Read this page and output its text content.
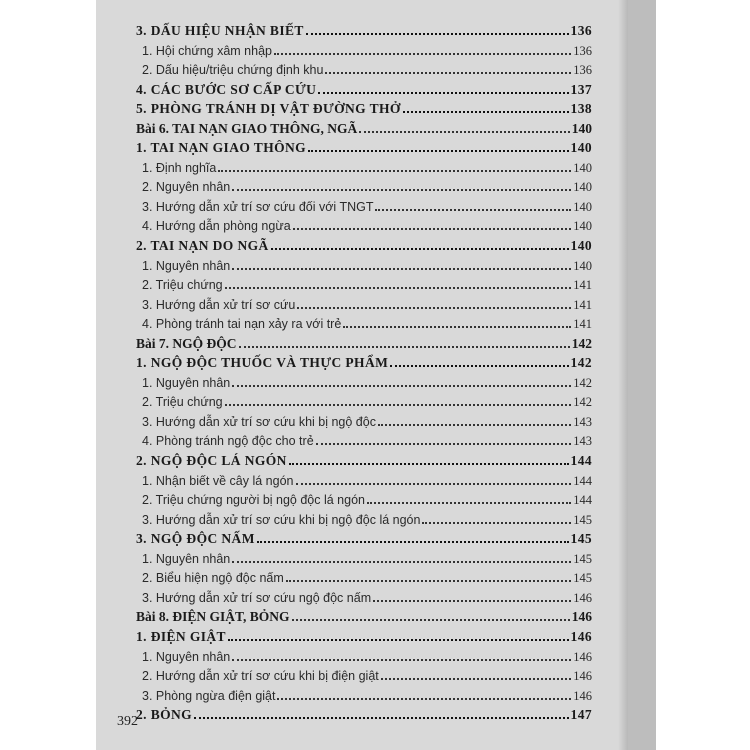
3. DẤU HIỆU NHẬN BIẾT	136
1. Hội chứng xâm nhập	136
2. Dấu hiệu/triệu chứng định khu	136
4. CÁC BƯỚC SƠ CẤP CỨU	137
5. PHÒNG TRÁNH DỊ VẬT ĐƯỜNG THỞ	138
Bài 6. TAI NẠN GIAO THÔNG, NGÃ	140
1. TAI NẠN GIAO THÔNG	140
1. Định nghĩa	140
2. Nguyên nhân	140
3. Hướng dẫn xử trí sơ cứu đối với TNGT	140
4. Hướng dẫn phòng ngừa	140
2. TAI NẠN DO NGÃ	140
1. Nguyên nhân	140
2. Triệu chứng	141
3. Hướng dẫn xử trí sơ cứu	141
4. Phòng tránh tai nạn xảy ra với trẻ	141
Bài 7. NGỘ ĐỘC	142
1. NGỘ ĐỘC THUỐC VÀ THỰC PHẨM	142
1. Nguyên nhân	142
2. Triệu chứng	142
3. Hướng dẫn xử trí sơ cứu khi bị ngộ độc	143
4. Phòng tránh ngộ độc cho trẻ	143
2. NGỘ ĐỘC LÁ NGÓN	144
1. Nhận biết về cây lá ngón	144
2. Triệu chứng người bị ngộ độc lá ngón	144
3. Hướng dẫn xử trí sơ cứu khi bị ngộ độc lá ngón	145
3. NGỘ ĐỘC NẤM	145
1. Nguyên nhân	145
2. Biểu hiện ngộ độc nấm	145
3. Hướng dẫn xử trí sơ cứu ngộ độc nấm	146
Bài 8. ĐIỆN GIẬT, BỎNG	146
1. ĐIỆN GIẬT	146
1. Nguyên nhân	146
2. Hướng dẫn xử trí sơ cứu khi bị điện giật	146
3. Phòng ngừa điện giật	146
2. BỎNG	147
392
